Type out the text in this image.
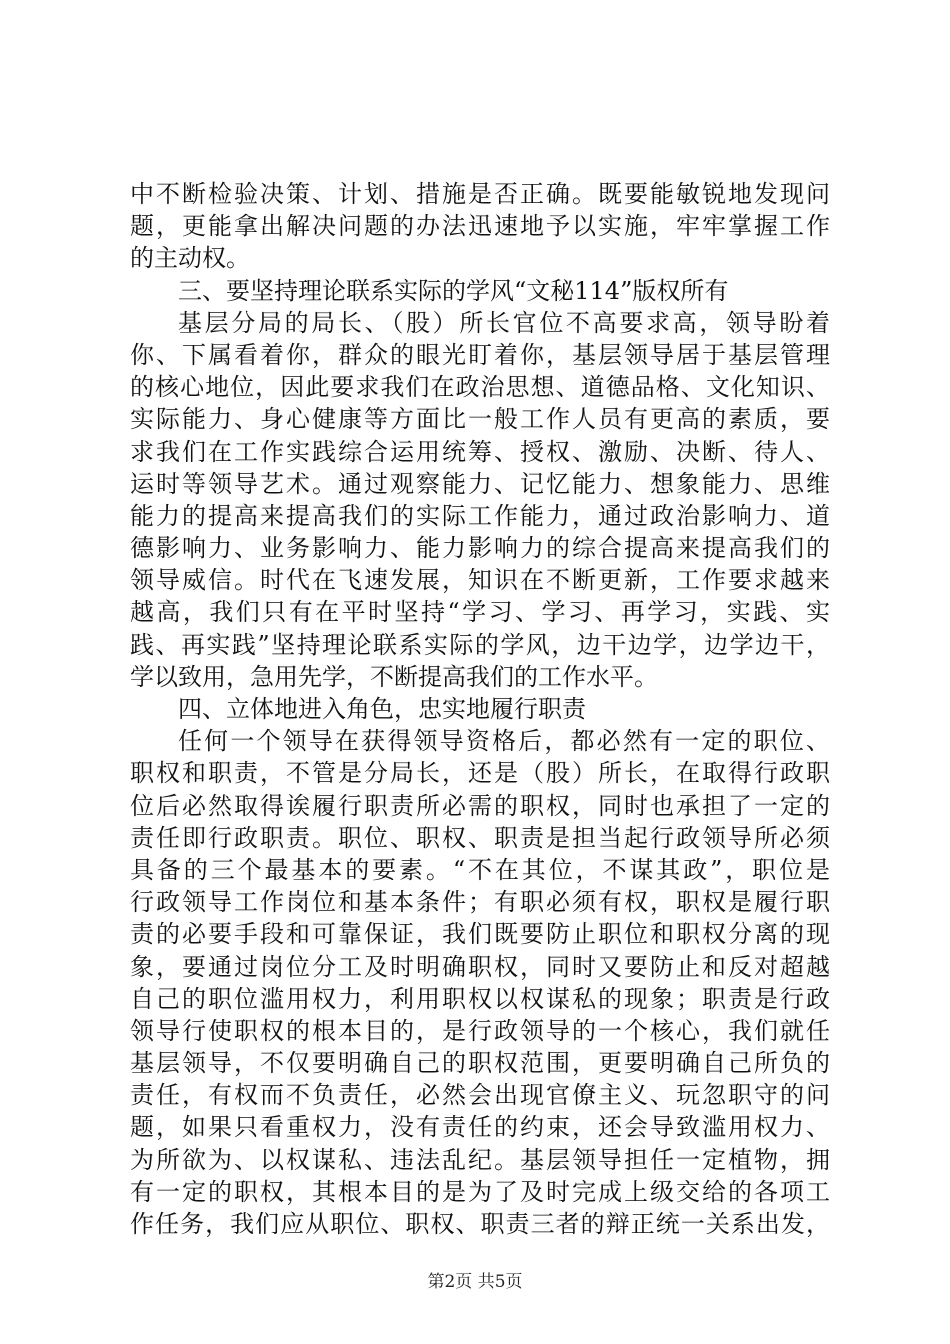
中不断检验决策、计划、措施是否正确。既要能敏锐地发现问
题，更能拿出解决问题的办法迅速地予以实施，牢牢掌握工作
的主动权。
三、要坚持理论联系实际的学风“文秘114”版权所有
基层分局的局长、（股）所长官位不高要求高，领导盼着
你、下属看着你，群众的眼光盯着你，基层领导居于基层管理
的核心地位，因此要求我们在政治思想、道德品格、文化知识、
实际能力、身心健康等方面比一般工作人员有更高的素质，要
求我们在工作实践综合运用统筹、授权、激励、决断、待人、
运时等领导艺术。通过观察能力、记忆能力、想象能力、思维
能力的提高来提高我们的实际工作能力，通过政治影响力、道
德影响力、业务影响力、能力影响力的综合提高来提高我们的
领导威信。时代在飞速发展，知识在不断更新，工作要求越来
越高，我们只有在平时坚持“学习、学习、再学习，实践、实
践、再实践”坚持理论联系实际的学风，边干边学，边学边干，
学以致用，急用先学，不断提高我们的工作水平。
四、立体地进入角色，忠实地履行职责
任何一个领导在获得领导资格后，都必然有一定的职位、
职权和职责，不管是分局长，还是（股）所长，在取得行政职
位后必然取得诶履行职责所必需的职权，同时也承担了一定的
责任即行政职责。职位、职权、职责是担当起行政领导所必须
具备的三个最基本的要素。“不在其位，不谋其政”，职位是
行政领导工作岗位和基本条件；有职必须有权，职权是履行职
责的必要手段和可靠保证，我们既要防止职位和职权分离的现
象，要通过岗位分工及时明确职权，同时又要防止和反对超越
自己的职位滥用权力，利用职权以权谋私的现象；职责是行政
领导行使职权的根本目的，是行政领导的一个核心，我们就任
基层领导，不仅要明确自己的职权范围，更要明确自己所负的
责任，有权而不负责任，必然会出现官僚主义、玩忽职守的问
题，如果只看重权力，没有责任的约束，还会导致滥用权力、
为所欲为、以权谋私、违法乱纪。基层领导担任一定植物，拥
有一定的职权，其根本目的是为了及时完成上级交给的各项工
作任务，我们应从职位、职权、职责三者的辩正统一关系出发，
第2页 共5页
